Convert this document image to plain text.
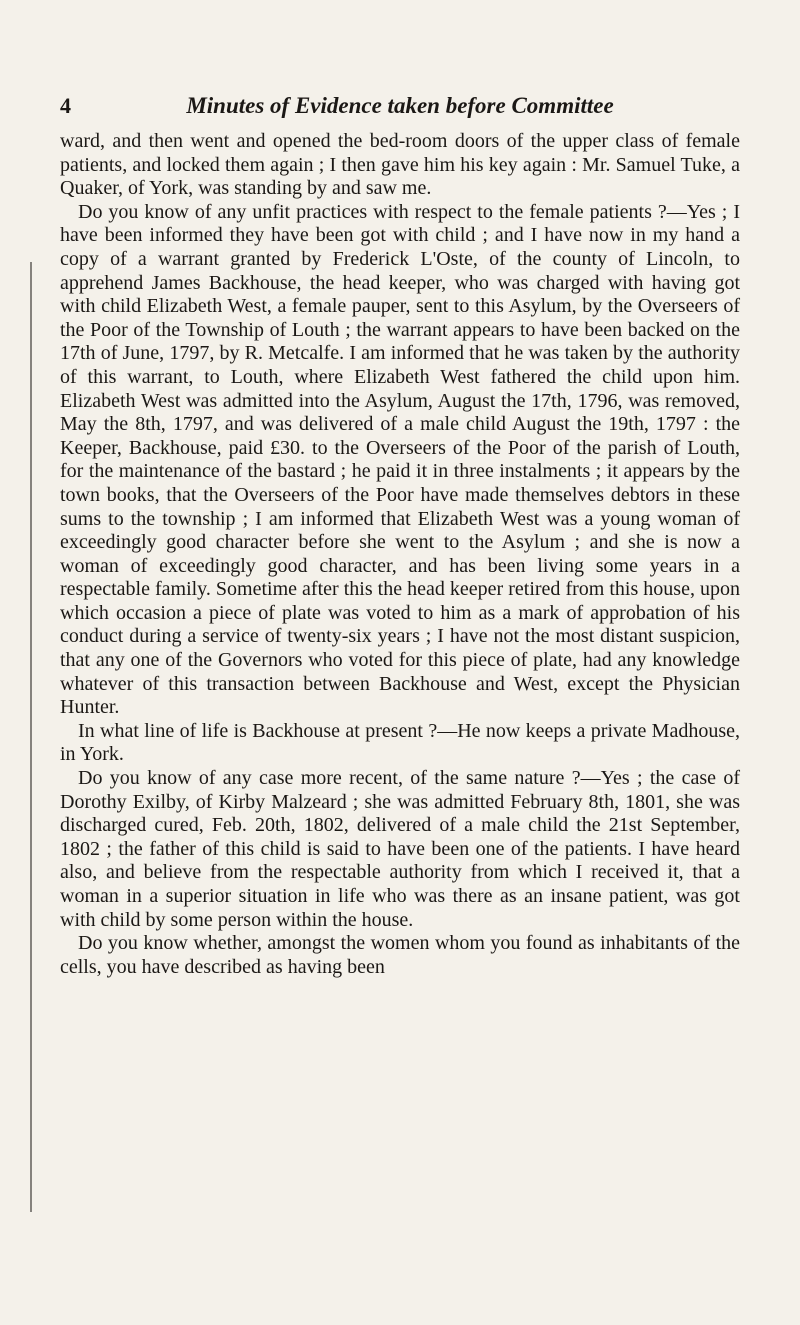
4	Minutes of Evidence taken before Committee

ward, and then went and opened the bed-room doors of the upper class of female patients, and locked them again ; I then gave him his key again : Mr. Samuel Tuke, a Quaker, of York, was standing by and saw me.

Do you know of any unfit practices with respect to the female patients ?—Yes ; I have been informed they have been got with child ; and I have now in my hand a copy of a warrant granted by Frederick L'Oste, of the county of Lincoln, to apprehend James Backhouse, the head keeper, who was charged with having got with child Elizabeth West, a female pauper, sent to this Asylum, by the Overseers of the Poor of the Township of Louth ; the warrant appears to have been backed on the 17th of June, 1797, by R. Metcalfe. I am informed that he was taken by the authority of this warrant, to Louth, where Elizabeth West fathered the child upon him. Elizabeth West was admitted into the Asylum, August the 17th, 1796, was removed, May the 8th, 1797, and was delivered of a male child August the 19th, 1797 : the Keeper, Backhouse, paid £30. to the Overseers of the Poor of the parish of Louth, for the maintenance of the bastard ; he paid it in three instalments ; it appears by the town books, that the Overseers of the Poor have made themselves debtors in these sums to the township ; I am informed that Elizabeth West was a young woman of exceedingly good character before she went to the Asylum ; and she is now a woman of exceedingly good character, and has been living some years in a respectable family. Sometime after this the head keeper retired from this house, upon which occasion a piece of plate was voted to him as a mark of approbation of his conduct during a service of twenty-six years ; I have not the most distant suspicion, that any one of the Governors who voted for this piece of plate, had any knowledge whatever of this transaction between Backhouse and West, except the Physician Hunter.

In what line of life is Backhouse at present ?—He now keeps a private Madhouse, in York.

Do you know of any case more recent, of the same nature ?—Yes ; the case of Dorothy Exilby, of Kirby Malzeard ; she was admitted February 8th, 1801, she was discharged cured, Feb. 20th, 1802, delivered of a male child the 21st September, 1802 ; the father of this child is said to have been one of the patients. I have heard also, and believe from the respectable authority from which I received it, that a woman in a superior situation in life who was there as an insane patient, was got with child by some person within the house.

Do you know whether, amongst the women whom you found as inhabitants of the cells, you have described as having been
